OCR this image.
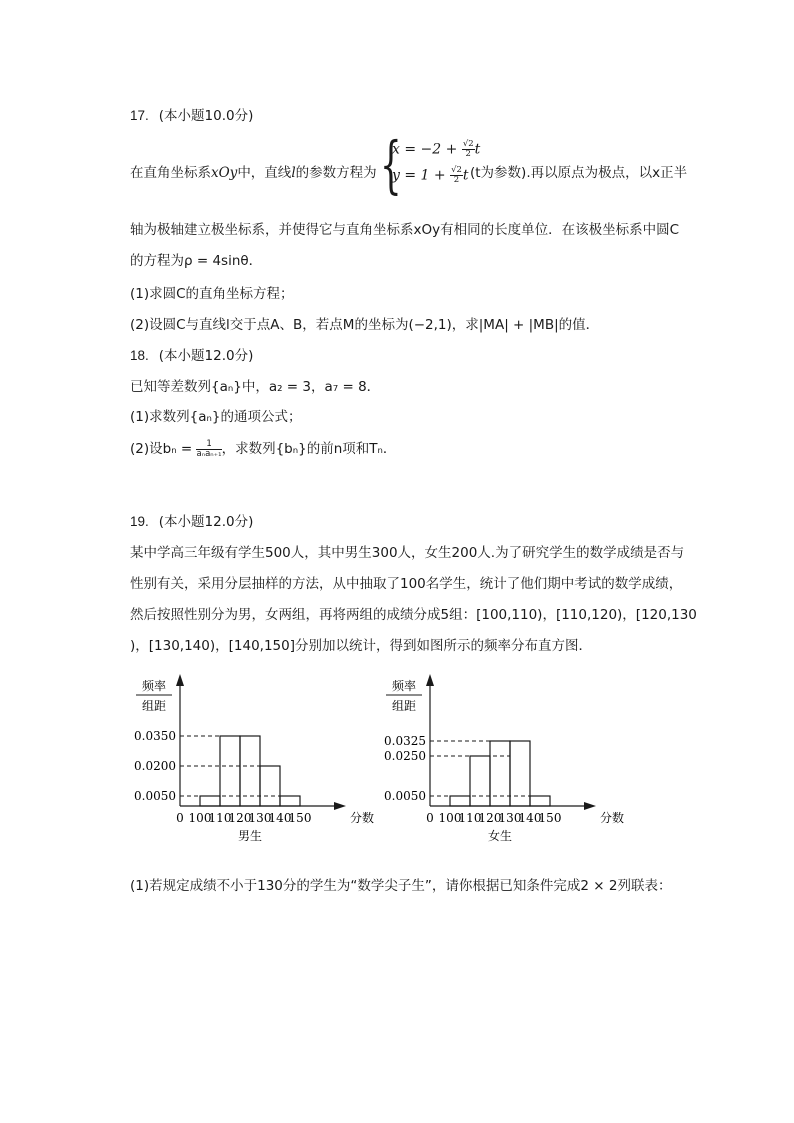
17. (本小题10.0分)
在直角坐标系xOy中，直线l的参数方程为 {
$x = -2 + \frac{√2}{2}$ t
$y = 1 + \frac{√2}{2}$ t (t为参数).再以原点为极点，以x正半
轴为极轴建立极坐标系，并使得它与直角坐标系xOy有相同的长度单位．在该极坐标系中圆C
的方程为ρ = 4sinθ．
(1)求圆C的直角坐标方程；
(2)设圆C与直线l交于点A、B，若点M的坐标为(−2,1)，求|MA| + |MB|的值．
18. (本小题12.0分)
已知等差数列{aₙ}中，a₂ = 3，a₇ = 8．
(1)求数列{aₙ}的通项公式；
(2)设$b_n = \frac{1}{\text{aₙaₙ₊₁}}$ ，求数列{bₙ}的前n项和Tₙ．
19. (本小题12.0分)
某中学高三年级有学生500人，其中男生300人，女生200人.为了研究学生的数学成绩是否与
性别有关，采用分层抽样的方法，从中抽取了100名学生，统计了他们期中考试的数学成绩，
然后按照性别分为男，女两组，再将两组的成绩分成5组：[100,110)，[110,120)，[120,130
)，[130,140)，[140,150]分别加以统计，得到如图所示的频率分布直方图．
频率
组距
0.0350
0.0200
0.0050
0 100
110
120
130
140
150	分数
男生
频率
组距
0.0325
0.0250
0.0050
0 100
110
120
130
140
150	分数
女生
(1)若规定成绩不小于130分的学生为“数学尖子生”，请你根据已知条件完成2 × 2列联表：
